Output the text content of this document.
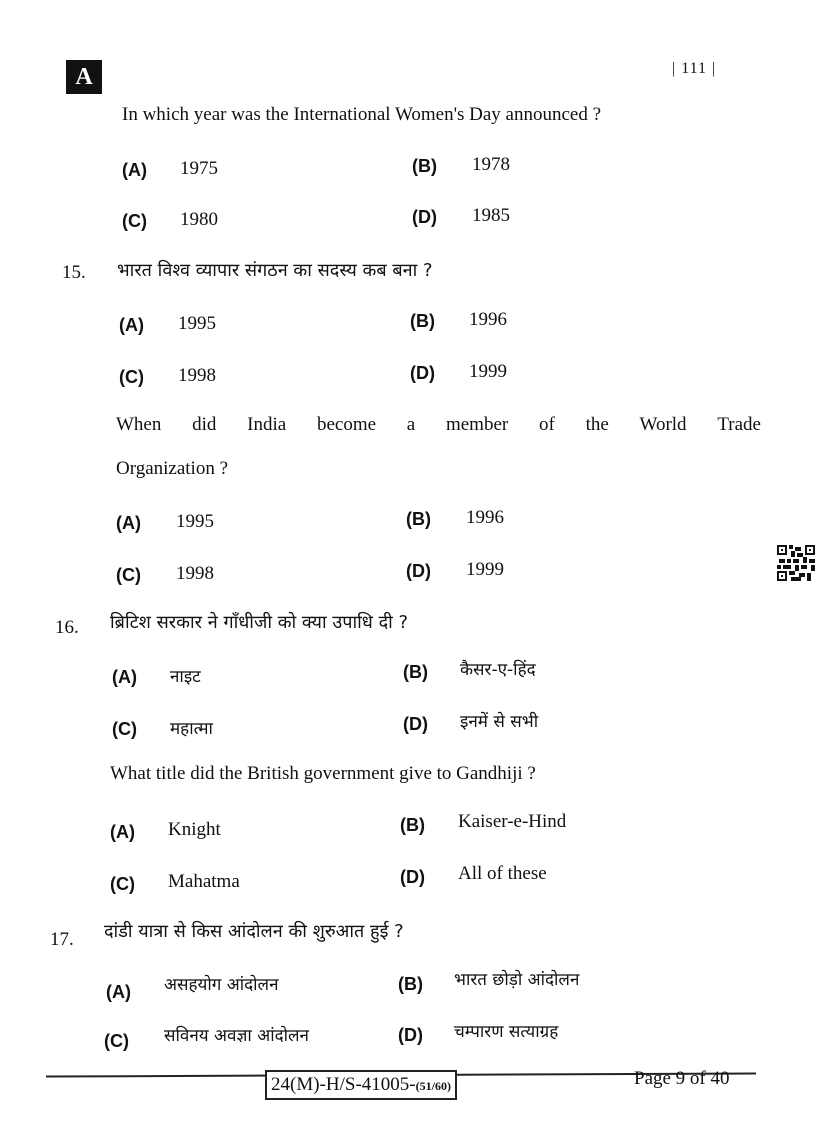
A	| 111 |
In which year was the International Women's Day announced ?
(A) 1975	(B) 1978
(C) 1980	(D) 1985
15. भारत विश्व व्यापार संगठन का सदस्य कब बना ?
(A) 1995	(B) 1996
(C) 1998	(D) 1999
When did India become a member of the World Trade
Organization ?
(A) 1995	(B) 1996
(C) 1998	(D) 1999
16. ब्रिटिश सरकार ने गाँधीजी को क्या उपाधि दी ?
(A) नाइट	(B) कैसर-ए-हिंद
(C) महात्मा	(D) इनमें से सभी
What title did the British government give to Gandhiji ?
(A) Knight	(B) Kaiser-e-Hind
(C) Mahatma	(D) All of these
17. दांडी यात्रा से किस आंदोलन की शुरुआत हुई ?
(A) असहयोग आंदोलन	(B) भारत छोड़ो आंदोलन
(C) सविनय अवज्ञा आंदोलन	(D) चम्पारण सत्याग्रह
24(M)-H/S-41005-(51/60)	Page 9 of 40
